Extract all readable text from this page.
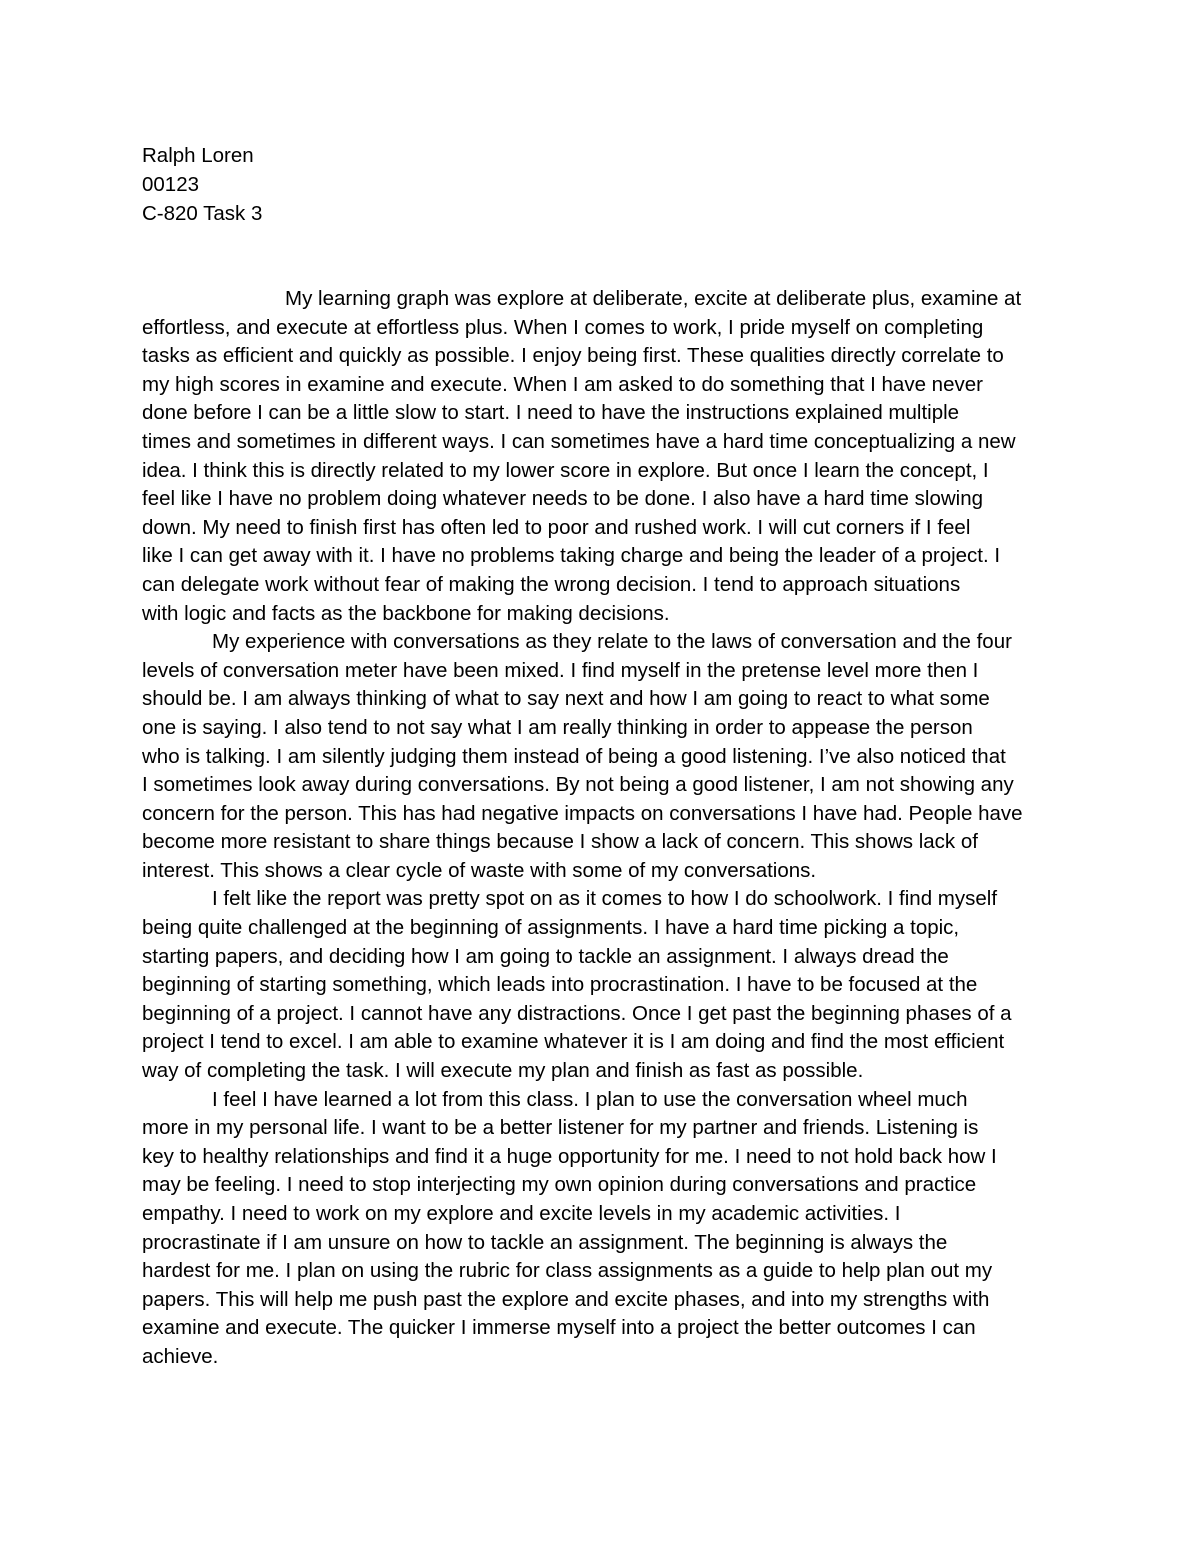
Ralph Loren
00123
C-820 Task 3
My learning graph was explore at deliberate, excite at deliberate plus, examine at
effortless, and execute at effortless plus. When I comes to work, I pride myself on completing
tasks as efficient and quickly as possible. I enjoy being first. These qualities directly correlate to
my high scores in examine and execute. When I am asked to do something that I have never
done before I can be a little slow to start. I need to have the instructions explained multiple
times and sometimes in different ways. I can sometimes have a hard time conceptualizing a new
idea. I think this is directly related to my lower score in explore. But once I learn the concept, I
feel like I have no problem doing whatever needs to be done. I also have a hard time slowing
down. My need to finish first has often led to poor and rushed work. I will cut corners if I feel
like I can get away with it. I have no problems taking charge and being the leader of a project. I
can delegate work without fear of making the wrong decision. I tend to approach situations
with logic and facts as the backbone for making decisions.
My experience with conversations as they relate to the laws of conversation and the four
levels of conversation meter have been mixed. I find myself in the pretense level more then I
should be. I am always thinking of what to say next and how I am going to react to what some
one is saying. I also tend to not say what I am really thinking in order to appease the person
who is talking. I am silently judging them instead of being a good listening. I’ve also noticed that
I sometimes look away during conversations. By not being a good listener, I am not showing any
concern for the person. This has had negative impacts on conversations I have had. People have
become more resistant to share things because I show a lack of concern. This shows lack of
interest. This shows a clear cycle of waste with some of my conversations.
I felt like the report was pretty spot on as it comes to how I do schoolwork. I find myself
being quite challenged at the beginning of assignments. I have a hard time picking a topic,
starting papers, and deciding how I am going to tackle an assignment. I always dread the
beginning of starting something, which leads into procrastination. I have to be focused at the
beginning of a project. I cannot have any distractions. Once I get past the beginning phases of a
project I tend to excel. I am able to examine whatever it is I am doing and find the most efficient
way of completing the task. I will execute my plan and finish as fast as possible.
I feel I have learned a lot from this class. I plan to use the conversation wheel much
more in my personal life. I want to be a better listener for my partner and friends. Listening is
key to healthy relationships and find it a huge opportunity for me. I need to not hold back how I
may be feeling. I need to stop interjecting my own opinion during conversations and practice
empathy. I need to work on my explore and excite levels in my academic activities. I
procrastinate if I am unsure on how to tackle an assignment. The beginning is always the
hardest for me. I plan on using the rubric for class assignments as a guide to help plan out my
papers. This will help me push past the explore and excite phases, and into my strengths with
examine and execute. The quicker I immerse myself into a project the better outcomes I can
achieve.
